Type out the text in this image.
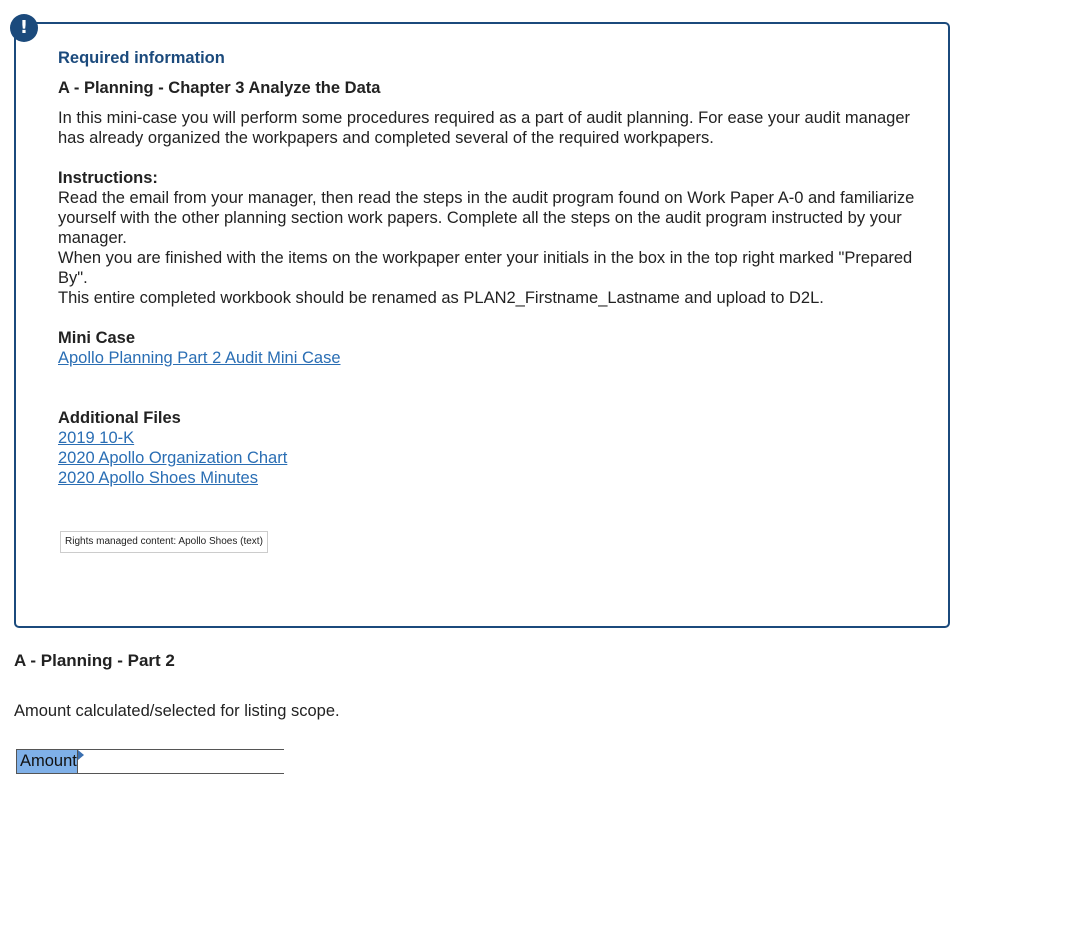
!
Required information
A - Planning - Chapter 3 Analyze the Data
In this mini-case you will perform some procedures required as a part of audit planning. For ease your audit manager has already organized the workpapers and completed several of the required workpapers.
Instructions:
Read the email from your manager, then read the steps in the audit program found on Work Paper A-0 and familiarize yourself with the other planning section work papers. Complete all the steps on the audit program instructed by your manager.
When you are finished with the items on the workpaper enter your initials in the box in the top right marked "Prepared By".
This entire completed workbook should be renamed as PLAN2_Firstname_Lastname and upload to D2L.
Mini Case
Apollo Planning Part 2 Audit Mini Case
Additional Files
2019 10-K
2020 Apollo Organization Chart
2020 Apollo Shoes Minutes
Rights managed content: Apollo Shoes (text)
A - Planning - Part 2
Amount calculated/selected for listing scope.
Amount
